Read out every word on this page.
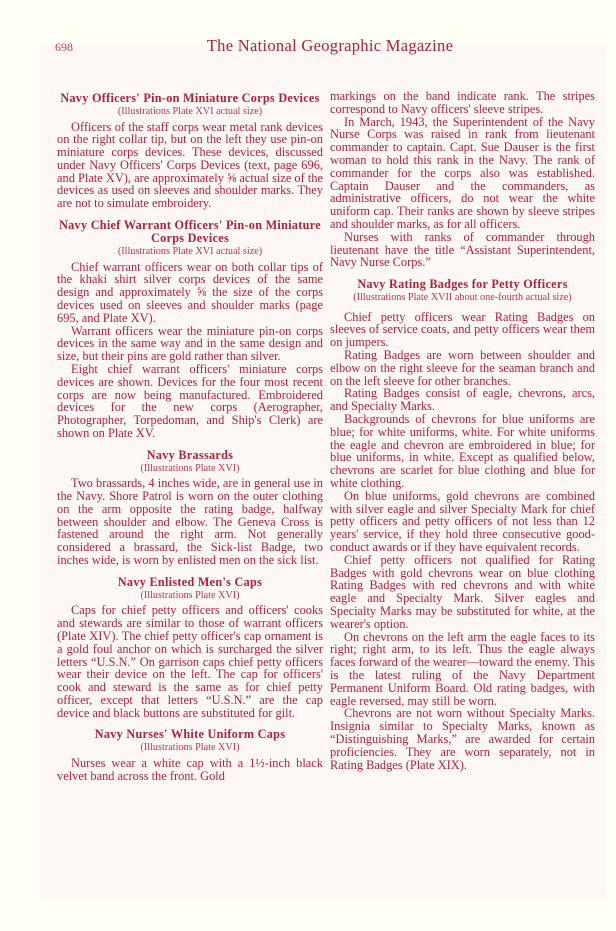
698	The National Geographic Magazine
Navy Officers' Pin-on Miniature Corps Devices
(Illustrations Plate XVI actual size)

Officers of the staff corps wear metal rank devices on the right collar tip, but on the left they use pin-on miniature corps devices. These devices, discussed under Navy Officers' Corps Devices (text, page 696, and Plate XV), are approximately ⅝ actual size of the devices as used on sleeves and shoulder marks. They are not to simulate embroidery.

Navy Chief Warrant Officers' Pin-on Miniature Corps Devices
(Illustrations Plate XVI actual size)

Chief warrant officers wear on both collar tips of the khaki shirt silver corps devices of the same design and approximately ⅝ the size of the corps devices used on sleeves and shoulder marks (page 695, and Plate XV).

Warrant officers wear the miniature pin-on corps devices in the same way and in the same design and size, but their pins are gold rather than silver.

Eight chief warrant officers' miniature corps devices are shown. Devices for the four most recent corps are now being manufactured. Embroidered devices for the new corps (Aerographer, Photographer, Torpedoman, and Ship's Clerk) are shown on Plate XV.

Navy Brassards
(Illustrations Plate XVI)

Two brassards, 4 inches wide, are in general use in the Navy. Shore Patrol is worn on the outer clothing on the arm opposite the rating badge, halfway between shoulder and elbow. The Geneva Cross is fastened around the right arm. Not generally considered a brassard, the Sick-list Badge, two inches wide, is worn by enlisted men on the sick list.

Navy Enlisted Men's Caps
(Illustrations Plate XVI)

Caps for chief petty officers and officers' cooks and stewards are similar to those of warrant officers (Plate XIV). The chief petty officer's cap ornament is a gold foul anchor on which is surcharged the silver letters “U.S.N.” On garrison caps chief petty officers wear their device on the left. The cap for officers' cook and steward is the same as for chief petty officer, except that letters “U.S.N.” are the cap device and black buttons are substituted for gilt.

Navy Nurses' White Uniform Caps
(Illustrations Plate XVI)

Nurses wear a white cap with a 1½-inch black velvet band across the front. Gold

markings on the band indicate rank. The stripes correspond to Navy officers' sleeve stripes.

In March, 1943, the Superintendent of the Navy Nurse Corps was raised in rank from lieutenant commander to captain. Capt. Sue Dauser is the first woman to hold this rank in the Navy. The rank of commander for the corps also was established. Captain Dauser and the commanders, as administrative officers, do not wear the white uniform cap. Their ranks are shown by sleeve stripes and shoulder marks, as for all officers.

Nurses with ranks of commander through lieutenant have the title “Assistant Superintendent, Navy Nurse Corps.”

Navy Rating Badges for Petty Officers
(Illustrations Plate XVII about one-fourth actual size)

Chief petty officers wear Rating Badges on sleeves of service coats, and petty officers wear them on jumpers.

Rating Badges are worn between shoulder and elbow on the right sleeve for the seaman branch and on the left sleeve for other branches.

Rating Badges consist of eagle, chevrons, arcs, and Specialty Marks.

Backgrounds of chevrons for blue uniforms are blue; for white uniforms, white. For white uniforms the eagle and chevron are embroidered in blue; for blue uniforms, in white. Except as qualified below, chevrons are scarlet for blue clothing and blue for white clothing.

On blue uniforms, gold chevrons are combined with silver eagle and silver Specialty Mark for chief petty officers and petty officers of not less than 12 years' service, if they hold three consecutive good-conduct awards or if they have equivalent records.

Chief petty officers not qualified for Rating Badges with gold chevrons wear on blue clothing Rating Badges with red chevrons and with white eagle and Specialty Mark. Silver eagles and Specialty Marks may be substituted for white, at the wearer's option.

On chevrons on the left arm the eagle faces to its right; right arm, to its left. Thus the eagle always faces forward of the wearer—toward the enemy. This is the latest ruling of the Navy Department Permanent Uniform Board. Old rating badges, with eagle reversed, may still be worn.

Chevrons are not worn without Specialty Marks. Insignia similar to Specialty Marks, known as “Distinguishing Marks,” are awarded for certain proficiencies. They are worn separately, not in Rating Badges (Plate XIX).
